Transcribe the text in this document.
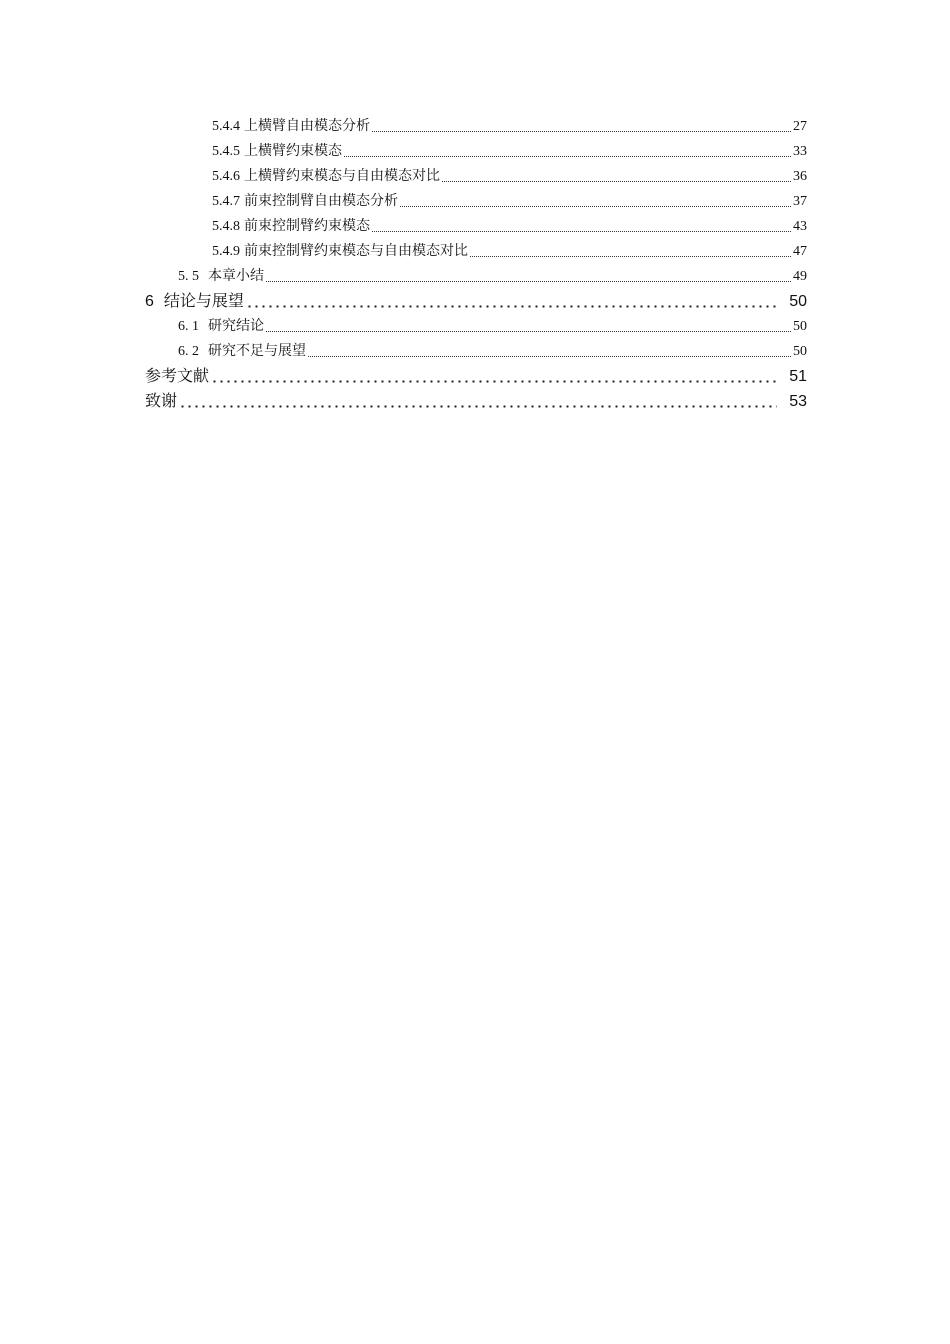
5.4.4 上横臂自由模态分析	27
5.4.5 上横臂约束模态	33
5.4.6 上横臂约束模态与自由模态对比	36
5.4.7 前束控制臂自由模态分析	37
5.4.8 前束控制臂约束模态	43
5.4.9 前束控制臂约束模态与自由模态对比	47
5. 5 本章小结	49
6 结论与展望	50
6. 1 研究结论	50
6. 2 研究不足与展望	50
参考文献	51
致谢	53
